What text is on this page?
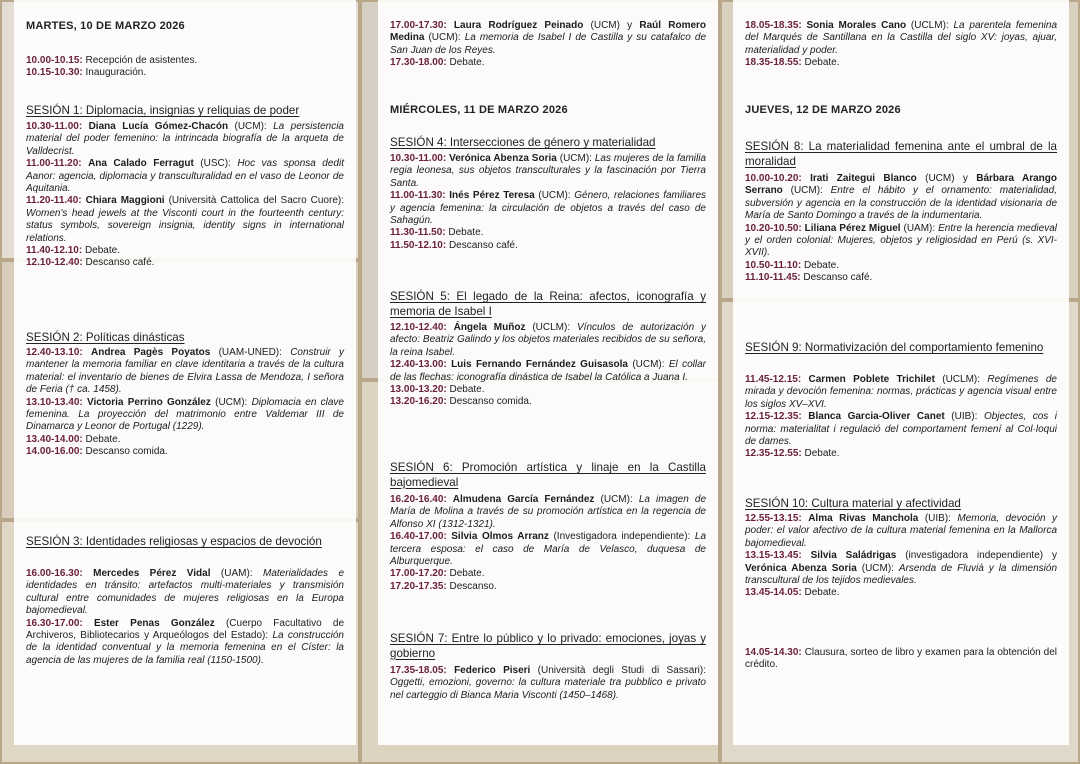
MARTES, 10 DE MARZO 2026
10.00-10.15: Recepción de asistentes.
10.15-10.30: Inauguración.
SESIÓN 1: Diplomacia, insignias y reliquias de poder
10.30-11.00: Diana Lucía Gómez-Chacón (UCM): La persistencia material del poder femenino: la intrincada biografía de la arqueta de Valldecrist.
11.00-11.20: Ana Calado Ferragut (USC): Hoc vas sponsa dedit Aanor: agencia, diplomacia y transculturalidad en el vaso de Leonor de Aquitania.
11.20-11.40: Chiara Maggioni (Università Cattolica del Sacro Cuore): Women's head jewels at the Visconti court in the fourteenth century: status symbols, sovereign insignia, identity signs in international relations.
11.40-12.10: Debate.
12.10-12.40: Descanso café.
SESIÓN 2: Políticas dinásticas
12.40-13.10: Andrea Pagès Poyatos (UAM-UNED): Construir y mantener la memoria familiar en clave identitaria a través de la cultura material: el inventario de bienes de Elvira Lassa de Mendoza, I señora de Feria († ca. 1458).
13.10-13.40: Victoria Perrino González (UCM): Diplomacia en clave femenina. La proyección del matrimonio entre Valdemar III de Dinamarca y Leonor de Portugal (1229).
13.40-14.00: Debate.
14.00-16.00: Descanso comida.
SESIÓN 3: Identidades religiosas y espacios de devoción
16.00-16.30: Mercedes Pérez Vidal (UAM): Materialidades e identidades en tránsito: artefactos multi-materiales y transmisión cultural entre comunidades de mujeres religiosas en la Europa bajomedieval.
16.30-17.00: Ester Penas González (Cuerpo Facultativo de Archiveros, Bibliotecarios y Arqueólogos del Estado): La construcción de la identidad conventual y la memoria femenina en el Císter: la agencia de las mujeres de la familia real (1150-1500).
17.00-17.30: Laura Rodríguez Peinado (UCM) y Raúl Romero Medina (UCM): La memoria de Isabel I de Castilla y su catafalco de San Juan de los Reyes.
17.30-18.00: Debate.
MIÉRCOLES, 11 DE MARZO 2026
SESIÓN 4: Intersecciones de género y materialidad
10.30-11.00: Verónica Abenza Soria (UCM): Las mujeres de la familia regia leonesa, sus objetos transculturales y la fascinación por Tierra Santa.
11.00-11.30: Inés Pérez Teresa (UCM): Género, relaciones familiares y agencia femenina: la circulación de objetos a través del caso de Sahagún.
11.30-11.50: Debate.
11.50-12.10: Descanso café.
SESIÓN 5: El legado de la Reina: afectos, iconografía y memoria de Isabel I
12.10-12.40: Ángela Muñoz (UCLM): Vínculos de autorización y afecto: Beatriz Galindo y los objetos materiales recibidos de su señora, la reina Isabel.
12.40-13.00: Luis Fernando Fernández Guisasola (UCM): El collar de las flechas: iconografía dinástica de Isabel la Católica a Juana I.
13.00-13.20: Debate.
13.20-16.20: Descanso comida.
SESIÓN 6: Promoción artística y linaje en la Castilla bajomedieval
16.20-16.40: Almudena García Fernández (UCM): La imagen de María de Molina a través de su promoción artística en la regencia de Alfonso XI (1312-1321).
16.40-17.00: Silvia Olmos Arranz (Investigadora independiente): La tercera esposa: el caso de María de Velasco, duquesa de Alburquerque.
17.00-17.20: Debate.
17.20-17.35: Descanso.
SESIÓN 7: Entre lo público y lo privado: emociones, joyas y gobierno
17.35-18.05: Federico Piseri (Università degli Studi di Sassari): Oggetti, emozioni, governo: la cultura materiale tra pubblico e privato nel carteggio di Bianca Maria Visconti (1450–1468).
18.05-18.35: Sonia Morales Cano (UCLM): La parentela femenina del Marqués de Santillana en la Castilla del siglo XV: joyas, ajuar, materialidad y poder.
18.35-18.55: Debate.
JUEVES, 12 DE MARZO 2026
SESIÓN 8: La materialidad femenina ante el umbral de la moralidad
10.00-10.20: Irati Zaitegui Blanco (UCM) y Bárbara Arango Serrano (UCM): Entre el hábito y el ornamento: materialidad, subversión y agencia en la construcción de la identidad visionaria de María de Santo Domingo a través de la indumentaria.
10.20-10.50: Liliana Pérez Miguel (UAM): Entre la herencia medieval y el orden colonial: Mujeres, objetos y religiosidad en Perú (s. XVI-XVII).
10.50-11.10: Debate.
11.10-11.45: Descanso café.
SESIÓN 9: Normativización del comportamiento femenino
11.45-12.15: Carmen Poblete Trichilet (UCLM): Regímenes de mirada y devoción femenina: normas, prácticas y agencia visual entre los siglos XV–XVI.
12.15-12.35: Blanca Garcia-Oliver Canet (UIB): Objectes, cos i norma: materialitat i regulació del comportament femení al Col·loqui de dames.
12.35-12.55: Debate.
SESIÓN 10: Cultura material y afectividad
12.55-13.15: Alma Rivas Manchola (UIB): Memoria, devoción y poder: el valor afectivo de la cultura material femenina en la Mallorca bajomedieval.
13.15-13.45: Silvia Saládrigas (investigadora independiente) y Verónica Abenza Soria (UCM): Arsenda de Fluvià y la dimensión transcultural de los tejidos medievales.
13.45-14.05: Debate.
14.05-14.30: Clausura, sorteo de libro y examen para la obtención del crédito.
